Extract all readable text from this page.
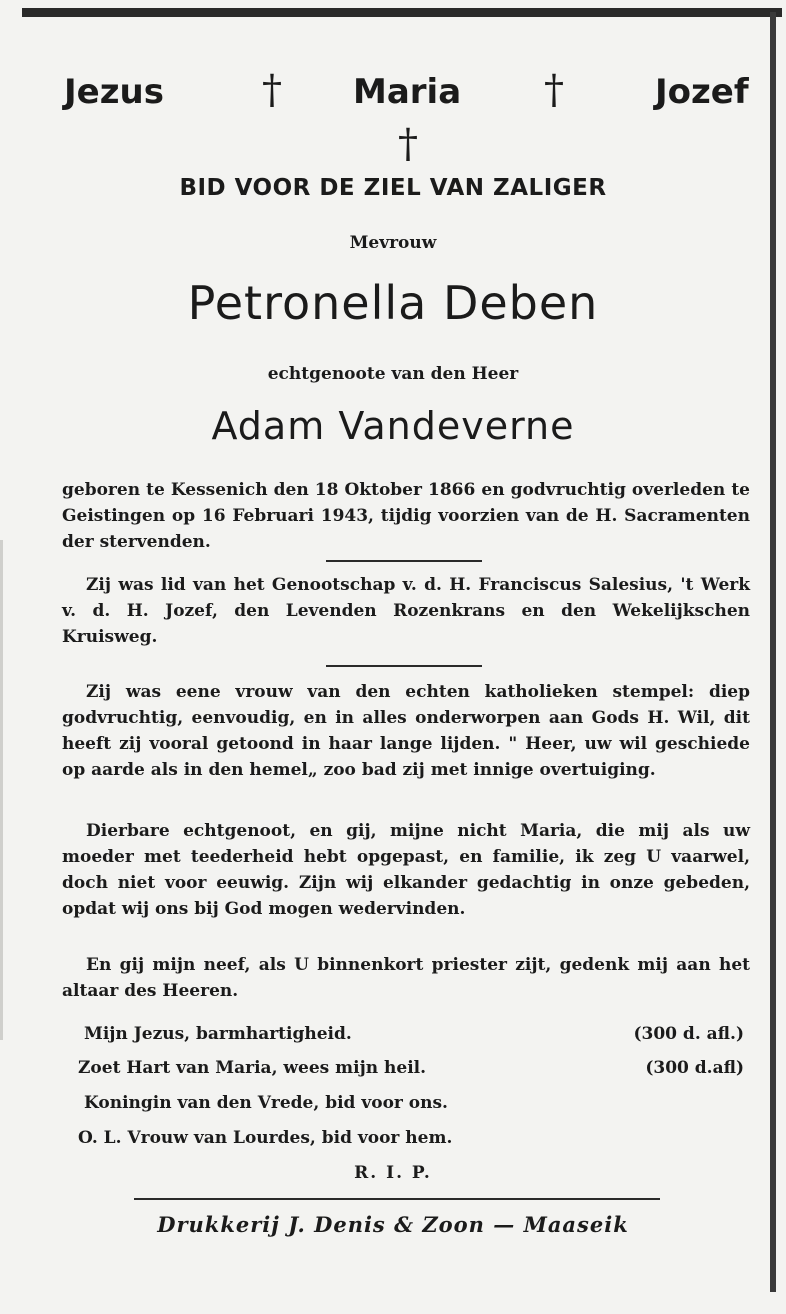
Jezus † Maria †	Jozef
†
BID VOOR DE ZIEL VAN ZALIGER
Mevrouw
Petronella Deben
echtgenoote van den Heer
Adam Vandeverne
geboren te Kessenich den 18 Oktober 1866 en godvruchtig overleden te Geistingen op 16 Februari 1943, tijdig voorzien van de H. Sacramenten der stervenden.
Zij was lid van het Genootschap v. d. H. Franciscus Salesius, 't Werk v. d. H. Jozef, den Levenden Rozenkrans en den Wekelijkschen Kruisweg.
Zij was eene vrouw van den echten katholieken stempel: diep godvruchtig, eenvoudig, en in alles onderworpen aan Gods H. Wil, dit heeft zij vooral getoond in haar lange lijden. " Heer, uw wil geschiede op aarde als in den hemel„ zoo bad zij met innige overtuiging.
Dierbare echtgenoot, en gij, mijne nicht Maria, die mij als uw moeder met teederheid hebt opgepast, en familie, ik zeg U vaarwel, doch niet voor eeuwig. Zijn wij elkander gedachtig in onze gebeden, opdat wij ons bij God mogen wedervinden.
En gij mijn neef, als U binnenkort priester zijt, gedenk mij aan het altaar des Heeren.
Mijn Jezus, barmhartigheid.	(300 d. afl.)
Zoet Hart van Maria, wees mijn heil.	(300 d.afl)
Koningin van den Vrede, bid voor ons.
O. L. Vrouw van Lourdes, bid voor hem.
R. I. P.
Drukkerij J. Denis & Zoon — Maaseik
